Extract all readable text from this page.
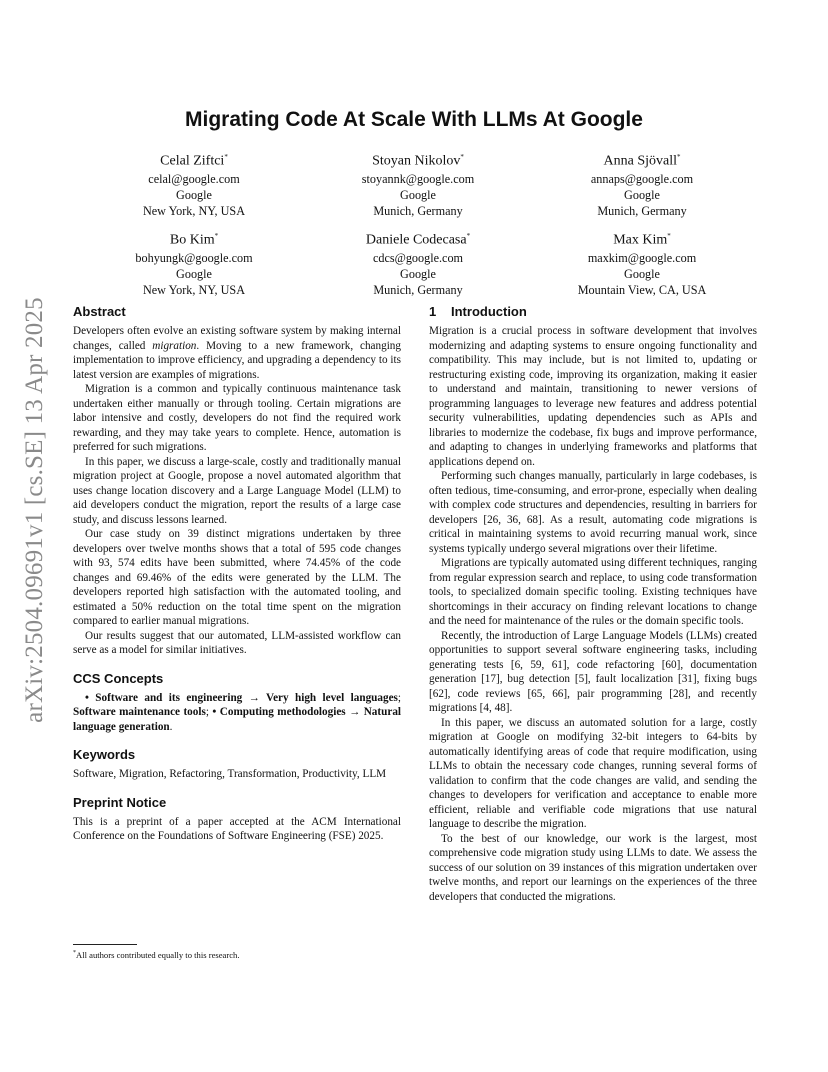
arXiv:2504.09691v1 [cs.SE] 13 Apr 2025
Migrating Code At Scale With LLMs At Google
Celal Ziftci*
celal@google.com
Google
New York, NY, USA
Stoyan Nikolov*
stoyannk@google.com
Google
Munich, Germany
Anna Sjövall*
annaps@google.com
Google
Munich, Germany
Bo Kim*
bohyungk@google.com
Google
New York, NY, USA
Daniele Codecasa*
cdcs@google.com
Google
Munich, Germany
Max Kim*
maxkim@google.com
Google
Mountain View, CA, USA
Abstract

Developers often evolve an existing software system by making internal changes, called migration. Moving to a new framework, changing implementation to improve efficiency, and upgrading a dependency to its latest version are examples of migrations.

Migration is a common and typically continuous maintenance task undertaken either manually or through tooling. Certain migrations are labor intensive and costly, developers do not find the required work rewarding, and they may take years to complete. Hence, automation is preferred for such migrations.

In this paper, we discuss a large-scale, costly and traditionally manual migration project at Google, propose a novel automated algorithm that uses change location discovery and a Large Language Model (LLM) to aid developers conduct the migration, report the results of a large case study, and discuss lessons learned.

Our case study on 39 distinct migrations undertaken by three developers over twelve months shows that a total of 595 code changes with 93, 574 edits have been submitted, where 74.45% of the code changes and 69.46% of the edits were generated by the LLM. The developers reported high satisfaction with the automated tooling, and estimated a 50% reduction on the total time spent on the migration compared to earlier manual migrations.

Our results suggest that our automated, LLM-assisted workflow can serve as a model for similar initiatives.

CCS Concepts

• Software and its engineering → Very high level languages; Software maintenance tools; • Computing methodologies → Natural language generation.

Keywords

Software, Migration, Refactoring, Transformation, Productivity, LLM

Preprint Notice

This is a preprint of a paper accepted at the ACM International Conference on the Foundations of Software Engineering (FSE) 2025.

1 Introduction

Migration is a crucial process in software development that involves modernizing and adapting systems to ensure ongoing functionality and compatibility. This may include, but is not limited to, updating or restructuring existing code, improving its organization, making it easier to understand and maintain, transitioning to newer versions of programming languages to leverage new features and address potential security vulnerabilities, updating dependencies such as APIs and libraries to modernize the codebase, fix bugs and improve performance, and adapting to changes in underlying frameworks and platforms that applications depend on.

Performing such changes manually, particularly in large codebases, is often tedious, time-consuming, and error-prone, especially when dealing with complex code structures and dependencies, resulting in barriers for developers [26, 36, 68]. As a result, automating code migrations is critical in maintaining systems to avoid recurring manual work, since systems typically undergo several migrations over their lifetime.

Migrations are typically automated using different techniques, ranging from regular expression search and replace, to using code transformation tools, to specialized domain specific tooling. Existing techniques have shortcomings in their accuracy on finding relevant locations to change and the need for maintenance of the rules or the domain specific tools.

Recently, the introduction of Large Language Models (LLMs) created opportunities to support several software engineering tasks, including generating tests [6, 59, 61], code refactoring [60], documentation generation [17], bug detection [5], fault localization [31], fixing bugs [62], code reviews [65, 66], pair programming [28], and recently migrations [4, 48].

In this paper, we discuss an automated solution for a large, costly migration at Google on modifying 32-bit integers to 64-bits by automatically identifying areas of code that require modification, using LLMs to obtain the necessary code changes, running several forms of validation to confirm that the code changes are valid, and sending the changes to developers for verification and acceptance to enable more efficient, reliable and verifiable code migrations that use natural language to describe the migration.

To the best of our knowledge, our work is the largest, most comprehensive code migration study using LLMs to date. We assess the success of our solution on 39 instances of this migration undertaken over twelve months, and report our learnings on the experiences of the three developers that conducted the migrations.

*All authors contributed equally to this research.
